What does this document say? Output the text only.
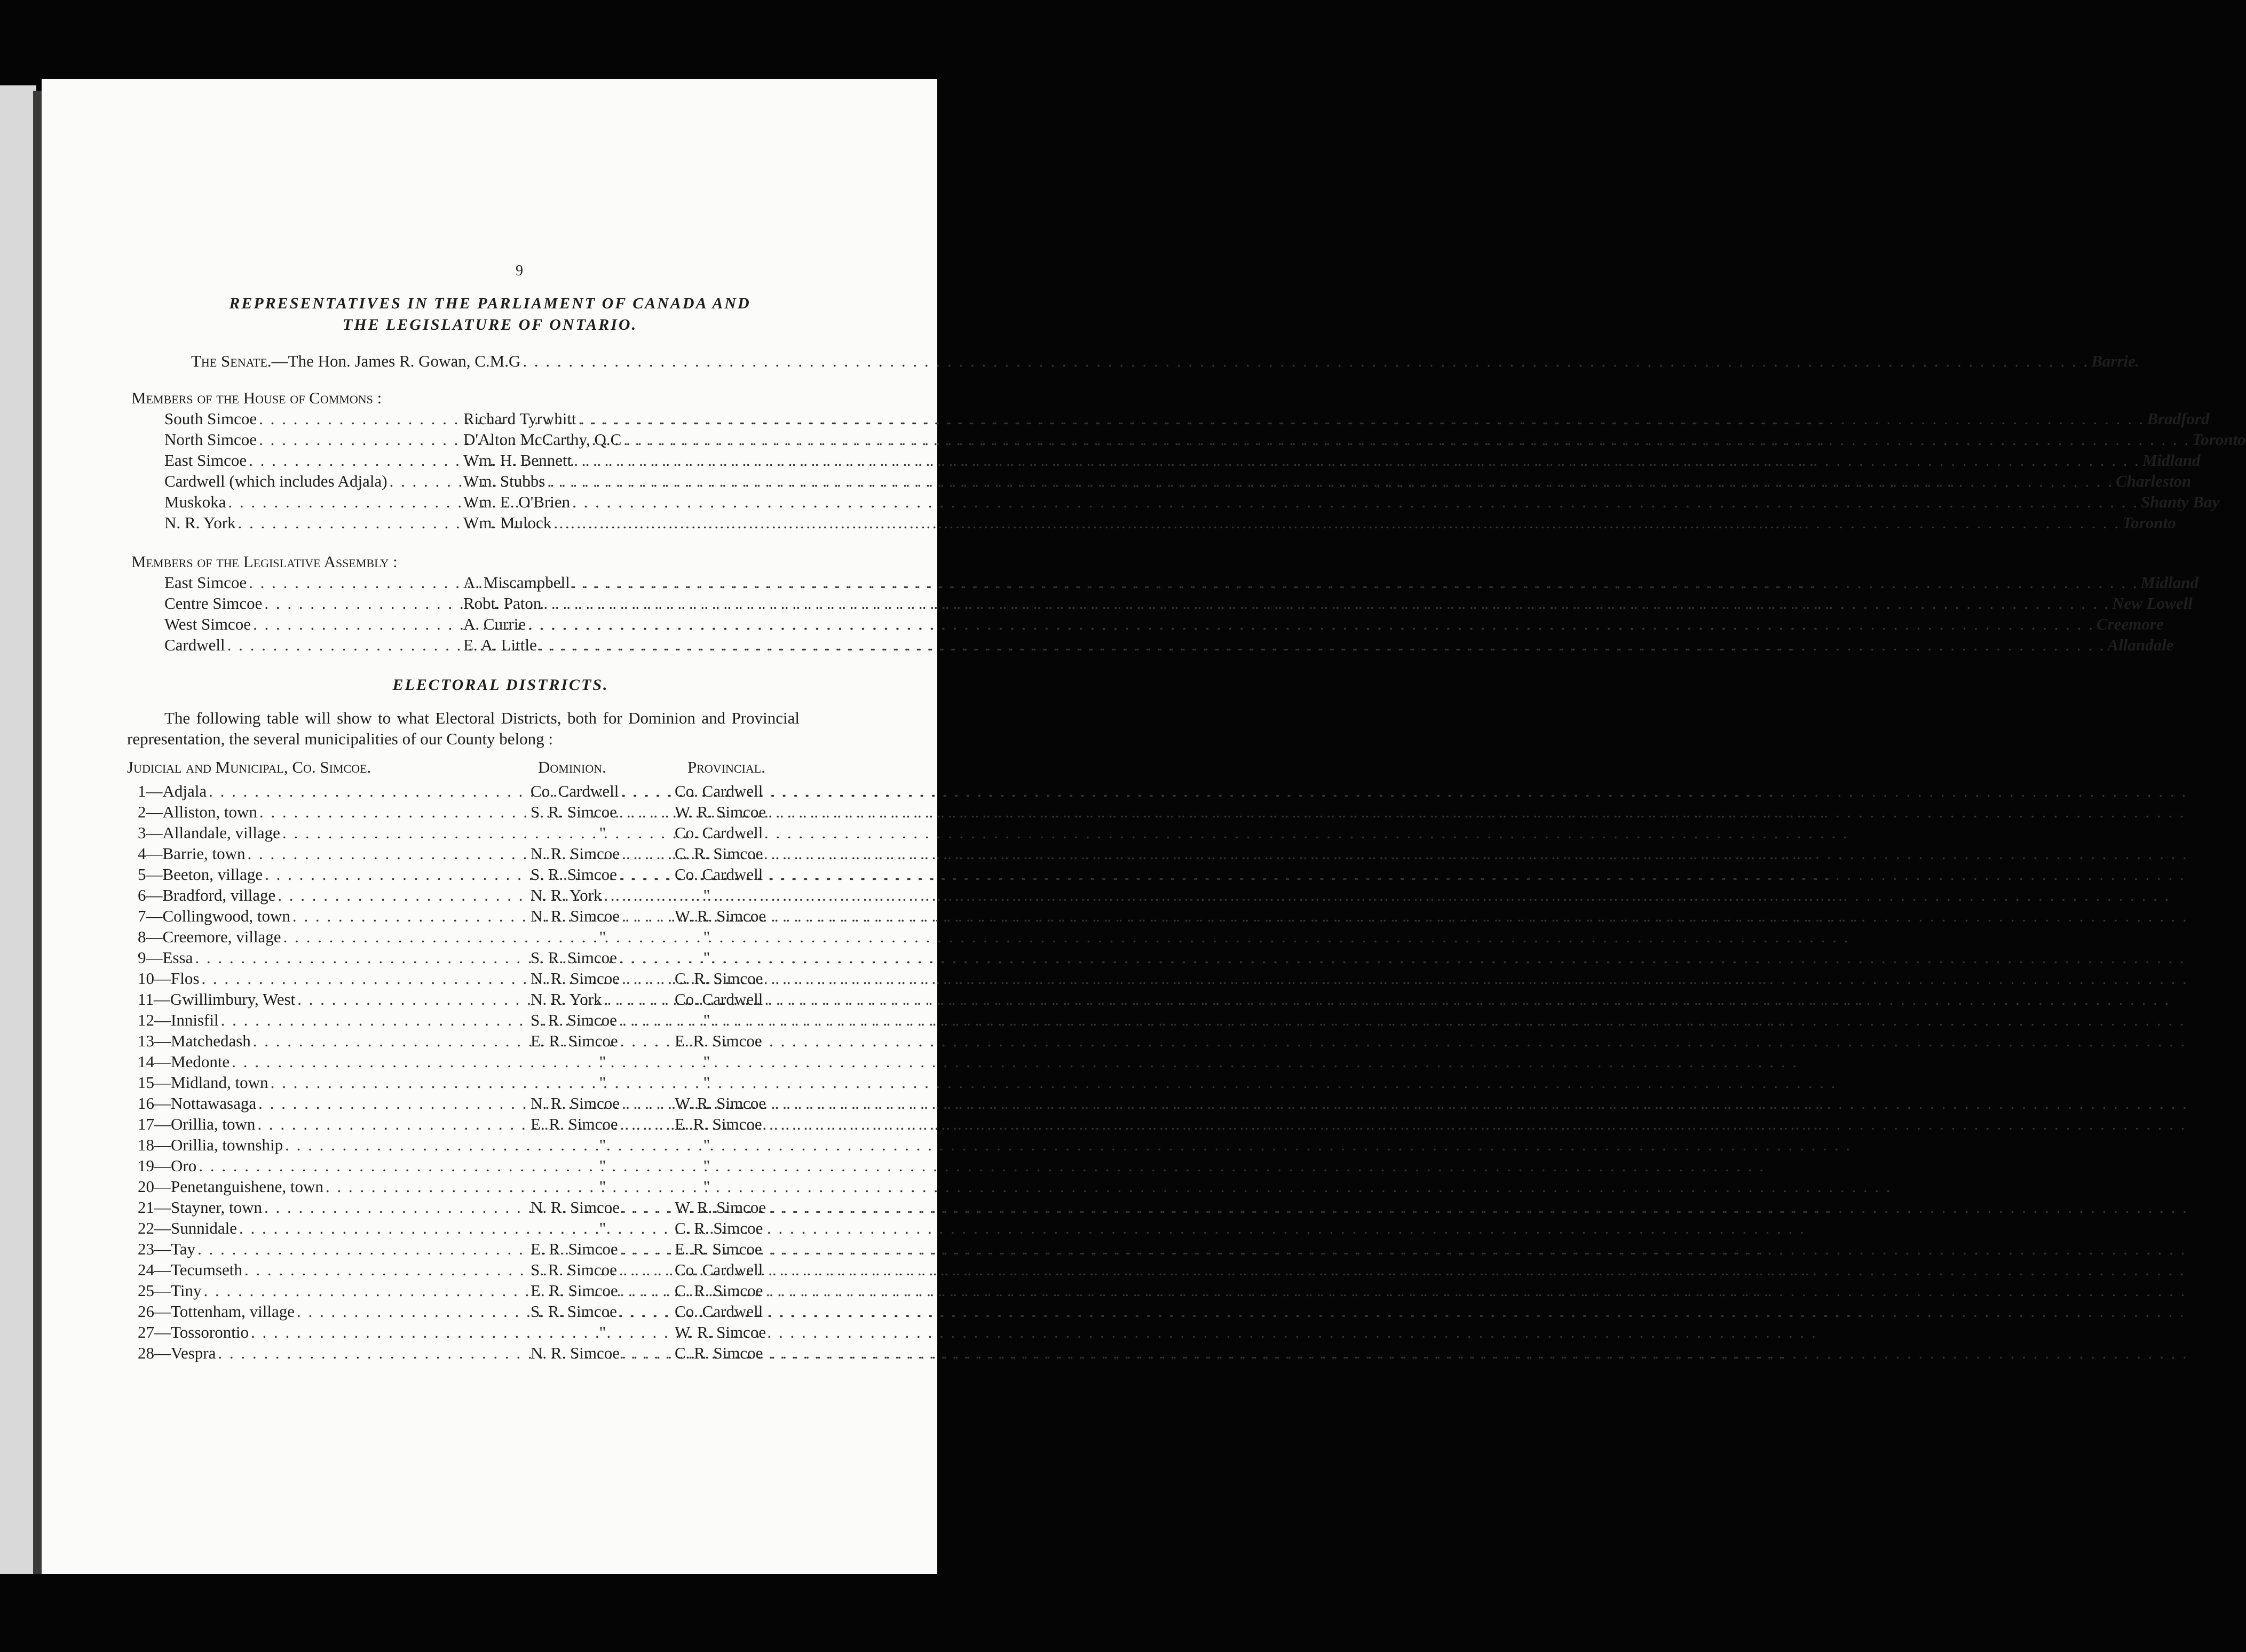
9
REPRESENTATIVES IN THE PARLIAMENT OF CANADA AND
THE LEGISLATURE OF ONTARIO.
The Senate.—The Hon. James R. Gowan, C.M.G . . .	Barrie.
Members of the House of Commons :
South Simcoe . . .	Richard Tyrwhitt . . .	Bradford
North Simcoe . . .	D'Alton McCarthy, Q.C . . .	Toronto
East Simcoe . . .	Wm. H. Bennett . . .	Midland
Cardwell (which includes Adjala) . . .	Wm. Stubbs . . .	Charleston
Muskoka . . .	Wm. E. O'Brien . . .	Shanty Bay
N. R. York . . .	Wm. Mulock . . .	Toronto
Members of the Legislative Assembly :
East Simcoe . . .	A. Miscampbell . . .	Midland
Centre Simcoe . . .	Robt. Paton . . .	New Lowell
West Simcoe . . .	A. Currie . . .	Creemore
Cardwell . . .	E. A. Little . . .	Allandale
ELECTORAL DISTRICTS.
The following table will show to what Electoral Districts, both for Dominion and Provincial representation, the several municipalities of our County belong :
Judicial and Municipal, Co. Simcoe.	Dominion.	Provincial.
1—Adjala . . .	Co. Cardwell . . .	Co. Cardwell
2—Alliston, town . . .	S. R. Simcoe . . .	W. R. Simcoe
3—Allandale, village . . .	"	Co. Cardwell
4—Barrie, town . . .	N. R. Simcoe . . .	C. R. Simcoe
5—Beeton, village . . .	S. R. Simcoe . . .	Co. Cardwell
6—Bradford, village . . .	N. R. York . . .	"
7—Collingwood, town . . .	N. R. Simcoe . . .	W. R. Simcoe
8—Creemore, village . . .	"	"
9—Essa . . .	S. R. Simcoe . . .	"
10—Flos . . .	N. R. Simcoe . . .	C. R. Simcoe
11—Gwillimbury, West . . .	N. R. York . . .	Co. Cardwell
12—Innisfil . . .	S. R. Simcoe . . .	"
13—Matchedash . . .	E. R. Simcoe . . .	E. R. Simcoe
14—Medonte . . .	"	"
15—Midland, town . . .	"	"
16—Nottawasaga . . .	N. R. Simcoe . . .	W. R. Simcoe
17—Orillia, town . . .	E. R. Simcoe . . .	E. R. Simcoe
18—Orillia, township . . .	"	"
19—Oro . . .	"	"
20—Penetanguishene, town . . .	"	"
21—Stayner, town . . .	N. R. Simcoe . . .	W. R. Simcoe
22—Sunnidale . . .	"	C. R. Simcoe
23—Tay . . .	E. R. Simcoe . . .	E. R. Simcoe
24—Tecumseth . . .	S. R. Simcoe . . .	Co. Cardwell
25—Tiny . . .	E. R. Simcoe . . .	C. R. Simcoe
26—Tottenham, village . . .	S. R. Simcoe . . .	Co. Cardwell
27—Tossorontio . . .	"	W. R. Simcoe
28—Vespra . . .	N. R. Simcoe . . .	C. R. Simcoe
